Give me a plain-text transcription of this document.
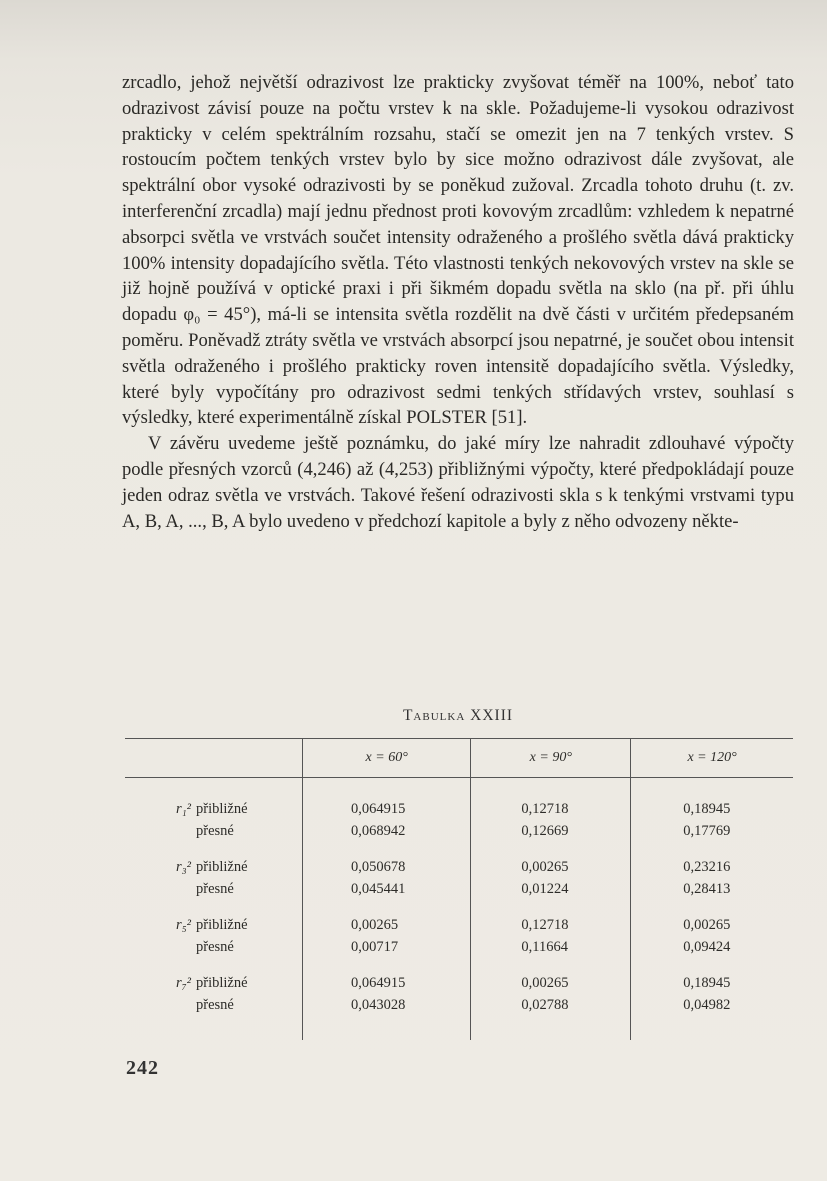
zrcadlo, jehož největší odrazivost lze prakticky zvyšovat téměř na 100%, neboť tato odrazivost závisí pouze na počtu vrstev k na skle. Požadujeme-li vysokou odrazivost prakticky v celém spektrálním rozsahu, stačí se omezit jen na 7 tenkých vrstev. S rostoucím počtem tenkých vrstev bylo by sice možno odrazivost dále zvyšovat, ale spektrální obor vysoké odrazivosti by se poněkud zužoval. Zrcadla tohoto druhu (t. zv. interferenční zrcadla) mají jednu přednost proti kovovým zrcadlům: vzhledem k nepatrné absorpci světla ve vrstvách součet intensity odraženého a prošlého světla dává prakticky 100% intensity dopadajícího světla. Této vlastnosti tenkých nekovových vrstev na skle se již hojně používá v optické praxi i při šikmém dopadu světla na sklo (na př. při úhlu dopadu φ₀ = 45°), má-li se intensita světla rozdělit na dvě části v určitém předepsaném poměru. Poněvadž ztráty světla ve vrstvách absorpcí jsou nepatrné, je součet obou intensit světla odraženého i prošlého prakticky roven intensitě dopadajícího světla. Výsledky, které byly vypočítány pro odrazivost sedmi tenkých střídavých vrstev, souhlasí s výsledky, které experimentálně získal POLSTER [51].

V závěru uvedeme ještě poznámku, do jaké míry lze nahradit zdlouhavé výpočty podle přesných vzorců (4,246) až (4,253) přibližnými výpočty, které předpokládají pouze jeden odraz světla ve vrstvách. Takové řešení odrazivosti skla s k tenkými vrstvami typu A, B, A, ..., B, A bylo uvedeno v předchozí kapitole a byly z něho odvozeny někte-

Tabulka XXIII
	x = 60°	x = 90°	x = 120°

r₁² přibližné	0,064915	0,12718	0,18945
přesné	0,068942	0,12669	0,17769

r₃² přibližné	0,050678	0,00265	0,23216
přesné	0,045441	0,01224	0,28413

r₅² přibližné	0,00265	0,12718	0,00265
přesné	0,00717	0,11664	0,09424

r₇² přibližné	0,064915	0,00265	0,18945
přesné	0,043028	0,02788	0,04982

242
